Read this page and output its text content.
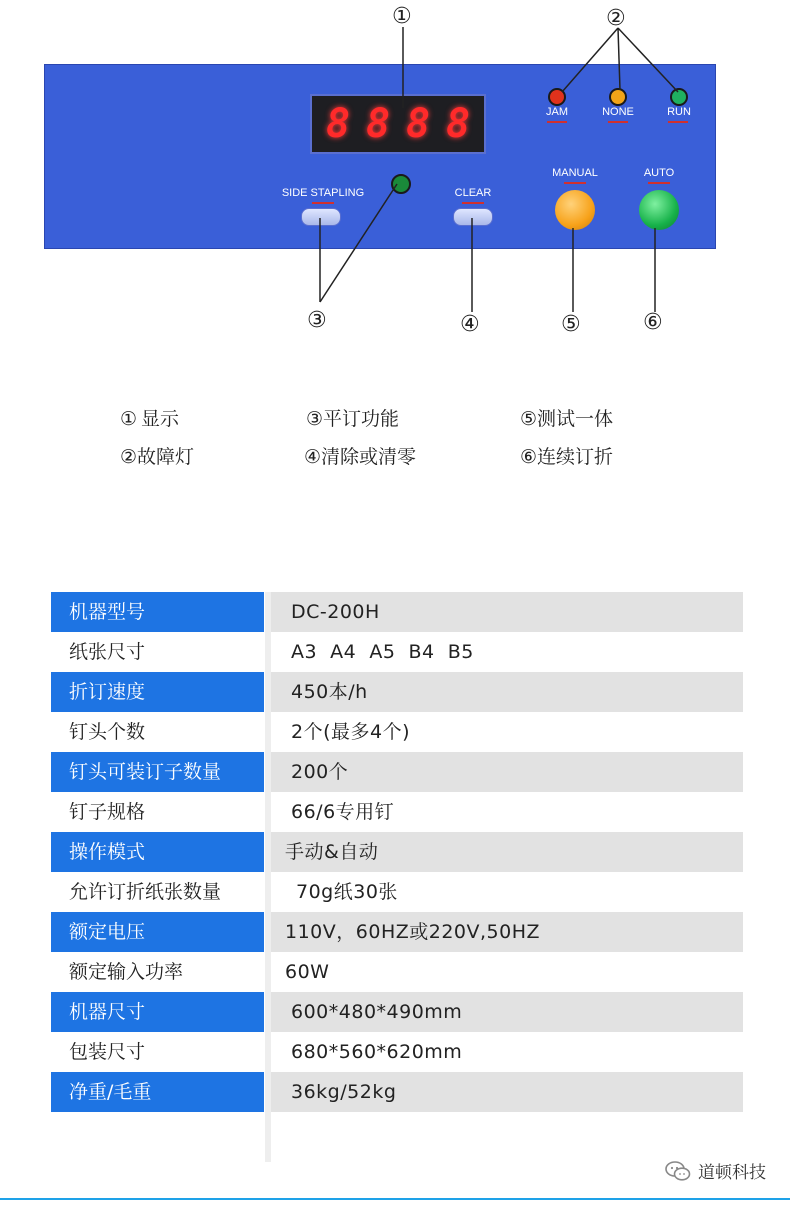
8 8 8 8	JAM	NONE	RUN
SIDE STAPLING	CLEAR
MANUAL	AUTO
①	②
③	④	⑤	⑥
① 显示	③平订功能	⑤测试一体
②故障灯	④清除或清零	⑥连续订折
机器型号	DC-200H
纸张尺寸	A3  A4  A5  B4  B5
折订速度	450本/h
钉头个数	2个(最多4个)
钉头可装订子数量	200个
钉子规格	66/6专用钉
操作模式	手动&自动
允许订折纸张数量	70g纸30张
额定电压	110V，60HZ或220V,50HZ
额定输入功率	60W
机器尺寸	600*480*490mm
包装尺寸	680*560*620mm
净重/毛重	36kg/52kg
道顿科技
